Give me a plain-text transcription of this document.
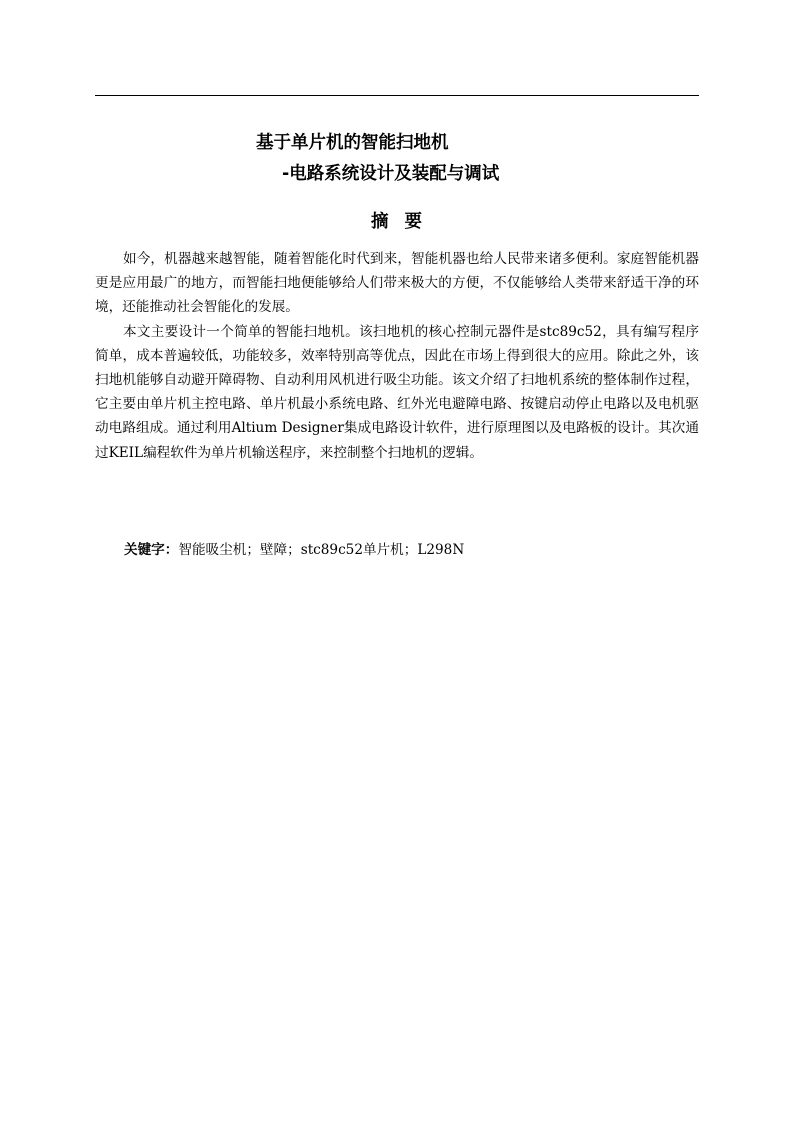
基于单片机的智能扫地机
-电路系统设计及装配与调试
摘要

如今，机器越来越智能，随着智能化时代到来，智能机器也给人民带来诸多便利。家庭智能机器更是应用最广的地方，而智能扫地便能够给人们带来极大的方便，不仅能够给人类带来舒适干净的环境，还能推动社会智能化的发展。

本文主要设计一个简单的智能扫地机。该扫地机的核心控制元器件是stc89c52，具有编写程序简单，成本普遍较低，功能较多，效率特别高等优点，因此在市场上得到很大的应用。除此之外，该扫地机能够自动避开障碍物、自动利用风机进行吸尘功能。该文介绍了扫地机系统的整体制作过程，它主要由单片机主控电路、单片机最小系统电路、红外光电避障电路、按键启动停止电路以及电机驱动电路组成。通过利用Altium Designer集成电路设计软件，进行原理图以及电路板的设计。其次通过KEIL编程软件为单片机输送程序，来控制整个扫地机的逻辑。

关键字：智能吸尘机；壁障；stc89c52单片机；L298N
